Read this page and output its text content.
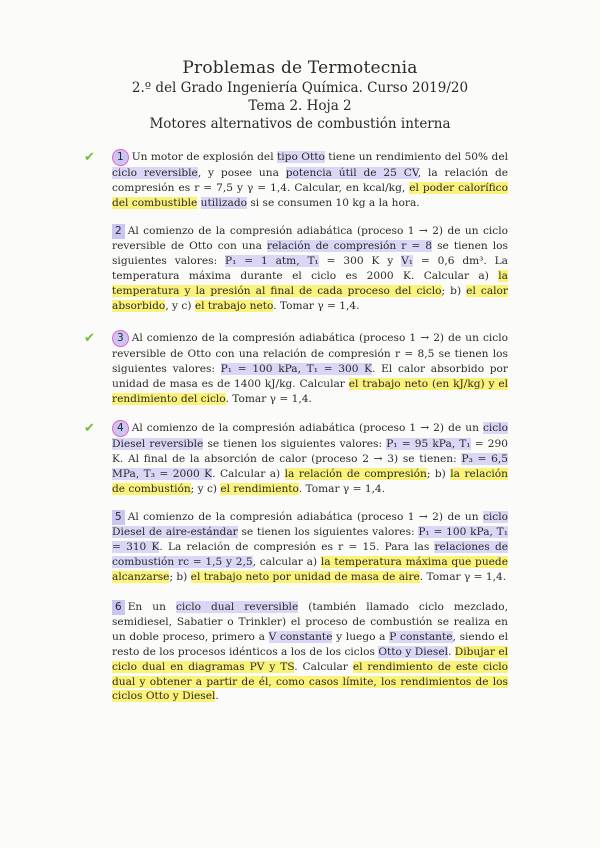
Problemas de Termotecnia
2.º del Grado Ingeniería Química. Curso 2019/20
Tema 2. Hoja 2
Motores alternativos de combustión interna
1 Un motor de explosión del tipo Otto tiene un rendimiento del 50% del ciclo reversible, y posee una potencia útil de 25 CV, la relación de compresión es r = 7,5 y γ = 1,4. Calcular, en kcal/kg, el poder calorífico del combustible utilizado si se consumen 10 kg a la hora.
2 Al comienzo de la compresión adiabática (proceso 1 → 2) de un ciclo reversible de Otto con una relación de compresión r = 8 se tienen los siguientes valores: P₁ = 1 atm, T₁ = 300 K y V₁ = 0,6 dm³. La temperatura máxima durante el ciclo es 2000 K. Calcular a) la temperatura y la presión al final de cada proceso del ciclo; b) el calor absorbido, y c) el trabajo neto. Tomar γ = 1,4.
3 Al comienzo de la compresión adiabática (proceso 1 → 2) de un ciclo reversible de Otto con una relación de compresión r = 8,5 se tienen los siguientes valores: P₁ = 100 kPa, T₁ = 300 K. El calor absorbido por unidad de masa es de 1400 kJ/kg. Calcular el trabajo neto (en kJ/kg) y el rendimiento del ciclo. Tomar γ = 1,4.
4 Al comienzo de la compresión adiabática (proceso 1 → 2) de un ciclo Diesel reversible se tienen los siguientes valores: P₁ = 95 kPa, T₁ = 290 K. Al final de la absorción de calor (proceso 2 → 3) se tienen: P₃ = 6,5 MPa, T₃ = 2000 K. Calcular a) la relación de compresión; b) la relación de combustión; y c) el rendimiento. Tomar γ = 1,4.
5 Al comienzo de la compresión adiabática (proceso 1 → 2) de un ciclo Diesel de aire-estándar se tienen los siguientes valores: P₁ = 100 kPa, T₁ = 310 K. La relación de compresión es r = 15. Para las relaciones de combustión rc = 1,5 y 2,5, calcular a) la temperatura máxima que puede alcanzarse; b) el trabajo neto por unidad de masa de aire. Tomar γ = 1,4.
6 En un ciclo dual reversible (también llamado ciclo mezclado, semidiesel, Sabatier o Trinkler) el proceso de combustión se realiza en un doble proceso, primero a V constante y luego a P constante, siendo el resto de los procesos idénticos a los de los ciclos Otto y Diesel. Dibujar el ciclo dual en diagramas PV y TS. Calcular el rendimiento de este ciclo dual y obtener a partir de él, como casos límite, los rendimientos de los ciclos Otto y Diesel.
✔
✔
✔
